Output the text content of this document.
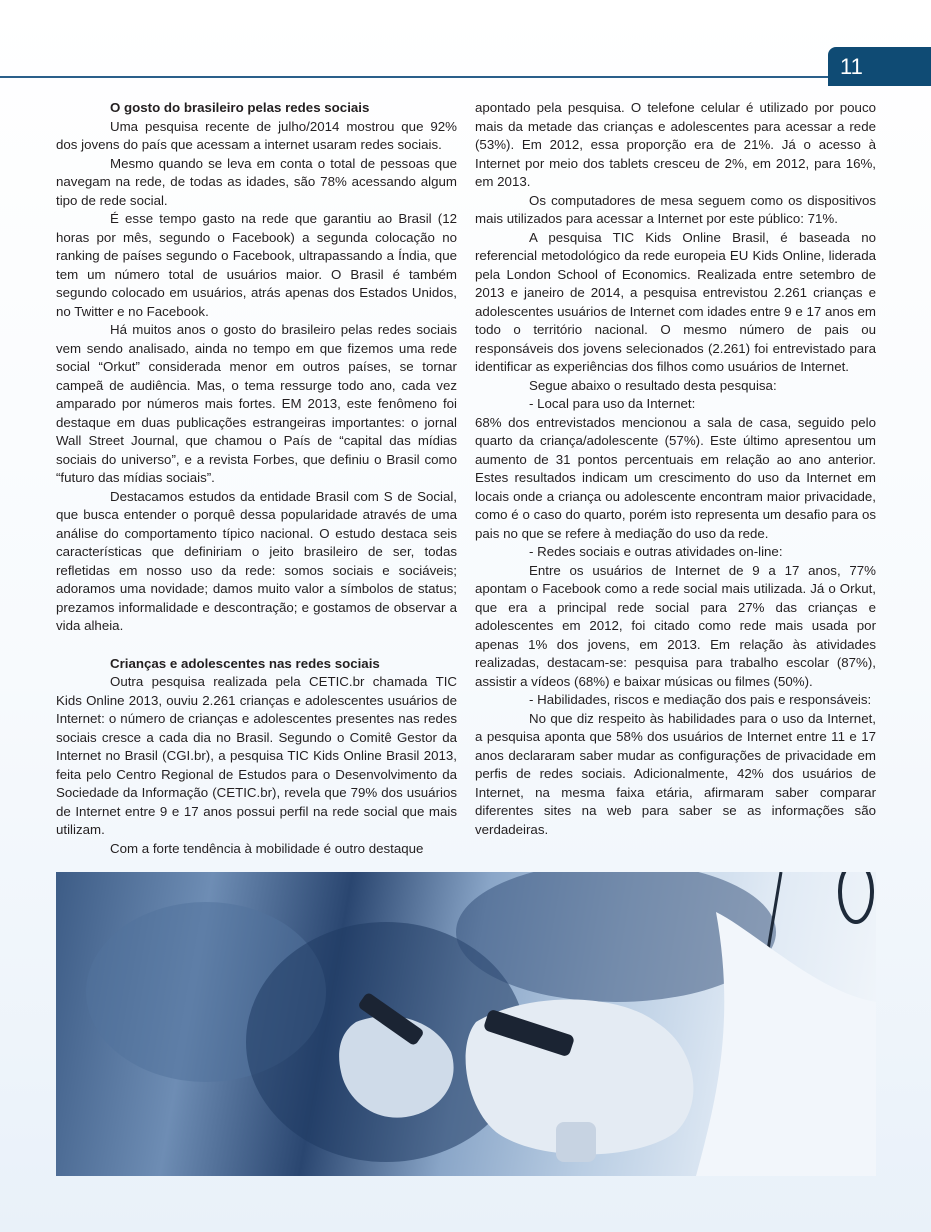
11
O gosto do brasileiro pelas redes sociais

Uma pesquisa recente de julho/2014 mostrou que 92% dos jovens do país que acessam a internet usaram redes sociais.

Mesmo quando se leva em conta o total de pessoas que navegam na rede, de todas as idades, são 78% acessando algum tipo de rede social.

É esse tempo gasto na rede que garantiu ao Brasil (12 horas por mês, segundo o Facebook) a segunda colocação no ranking de países segundo o Facebook, ultrapassando a Índia, que tem um número total de usuários maior. O Brasil é também segundo colocado em usuários, atrás apenas dos Estados Unidos, no Twitter e no Facebook.

Há muitos anos o gosto do brasileiro pelas redes sociais vem sendo analisado, ainda no tempo em que fizemos uma rede social “Orkut” considerada menor em outros países, se tornar campeã de audiência. Mas, o tema ressurge todo ano, cada vez amparado por números mais fortes. EM 2013, este fenômeno foi destaque em duas publicações estrangeiras importantes: o jornal Wall Street Journal, que chamou o País de “capital das mídias sociais do universo”, e a revista Forbes, que definiu o Brasil como “futuro das mídias sociais”.

Destacamos estudos da entidade Brasil com S de Social, que busca entender o porquê dessa popularidade através de uma análise do comportamento típico nacional. O estudo destaca seis características que definiriam o jeito brasileiro de ser, todas refletidas em nosso uso da rede: somos sociais e sociáveis; adoramos uma novidade; damos muito valor a símbolos de status; prezamos informalidade e descontração; e gostamos de observar a vida alheia.

Crianças e adolescentes nas redes sociais

Outra pesquisa realizada pela CETIC.br chamada TIC Kids Online 2013, ouviu 2.261 crianças e adolescentes usuários de Internet: o número de crianças e adolescentes presentes nas redes sociais cresce a cada dia no Brasil. Segundo o Comitê Gestor da Internet no Brasil (CGI.br), a pesquisa TIC Kids Online Brasil 2013, feita pelo Centro Regional de Estudos para o Desenvolvimento da Sociedade da Informação (CETIC.br), revela que 79% dos usuários de Internet entre 9 e 17 anos possui perfil na rede social que mais utilizam.

Com a forte tendência à mobilidade é outro destaque

apontado pela pesquisa. O telefone celular é utilizado por pouco mais da metade das crianças e adolescentes para acessar a rede (53%). Em 2012, essa proporção era de 21%. Já o acesso à Internet por meio dos tablets cresceu de 2%, em 2012, para 16%, em 2013.

Os computadores de mesa seguem como os dispositivos mais utilizados para acessar a Internet por este público: 71%.

A pesquisa TIC Kids Online Brasil, é baseada no referencial metodológico da rede europeia EU Kids Online, liderada pela London School of Economics. Realizada entre setembro de 2013 e janeiro de 2014, a pesquisa entrevistou 2.261 crianças e adolescentes usuários de Internet com idades entre 9 e 17 anos em todo o território nacional. O mesmo número de pais ou responsáveis dos jovens selecionados (2.261) foi entrevistado para identificar as experiências dos filhos como usuários de Internet.

Segue abaixo o resultado desta pesquisa:

- Local para uso da Internet:

68% dos entrevistados mencionou a sala de casa, seguido pelo quarto da criança/adolescente (57%). Este último apresentou um aumento de 31 pontos percentuais em relação ao ano anterior. Estes resultados indicam um crescimento do uso da Internet em locais onde a criança ou adolescente encontram maior privacidade, como é o caso do quarto, porém isto representa um desafio para os pais no que se refere à mediação do uso da rede.

- Redes sociais e outras atividades on-line:

Entre os usuários de Internet de 9 a 17 anos, 77% apontam o Facebook como a rede social mais utilizada. Já o Orkut, que era a principal rede social para 27% das crianças e adolescentes em 2012, foi citado como rede mais usada por apenas 1% dos jovens, em 2013. Em relação às atividades realizadas, destacam-se: pesquisa para trabalho escolar (87%), assistir a vídeos (68%) e baixar músicas ou filmes (50%).

- Habilidades, riscos e mediação dos pais e responsáveis:

No que diz respeito às habilidades para o uso da Internet, a pesquisa aponta que 58% dos usuários de Internet entre 11 e 17 anos declararam saber mudar as configurações de privacidade em perfis de redes sociais. Adicionalmente, 42% dos usuários de Internet, na mesma faixa etária, afirmaram saber comparar diferentes sites na web para saber se as informações são verdadeiras.
